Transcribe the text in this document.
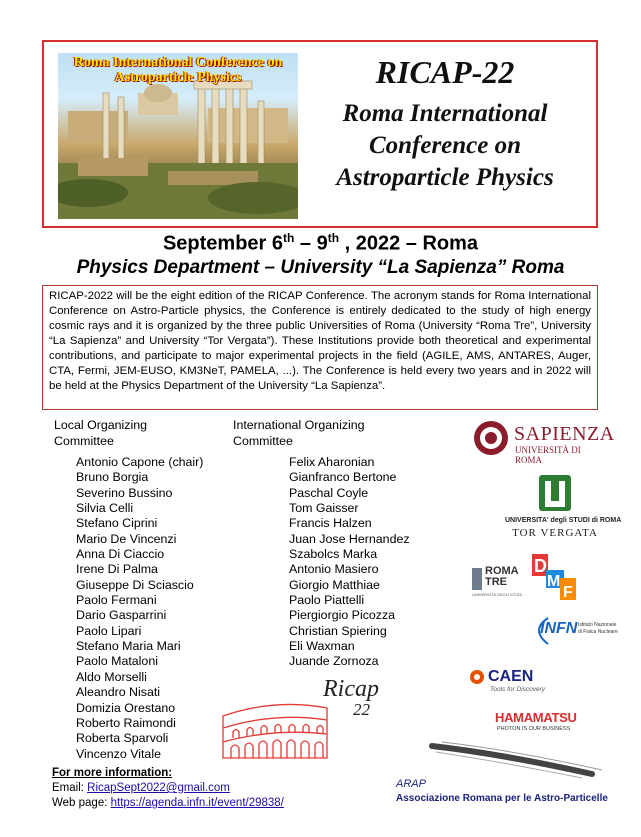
Roma International Conference on Astroparticle Physics	RICAP-22
Roma International
Conference on
Astroparticle Physics
September 6th – 9th , 2022 – Roma
Physics Department – University “La Sapienza” Roma
RICAP-2022 will be the eight edition of the RICAP Conference. The acronym stands for Roma International Conference on Astro-Particle physics, the Conference is entirely dedicated to the study of high energy cosmic rays and it is organized by the three public Universities of Roma (University “Roma Tre”, University “La Sapienza” and University “Tor Vergata”). These Institutions provide both theoretical and experimental contributions, and participate to major experimental projects in the field (AGILE, AMS, ANTARES, Auger, CTA, Fermi, JEM-EUSO, KM3NeT, PAMELA, ...). The Conference is held every two years and in 2022 will be held at the Physics Department of the University “La Sapienza”.
Local Organizing
Committee
Antonio Capone (chair)
Bruno Borgia
Severino Bussino
Silvia Celli
Stefano Ciprini
Mario De Vincenzi
Anna Di Ciaccio
Irene Di Palma
Giuseppe Di Sciascio
Paolo Fermani
Dario Gasparrini
Paolo Lipari
Stefano Maria Mari
Paolo Mataloni
Aldo Morselli
Aleandro Nisati
Domizia Orestano
Roberto Raimondi
Roberta Sparvoli
Vincenzo Vitale
International Organizing
Committee
Felix Aharonian
Gianfranco Bertone
Paschal Coyle
Tom Gaisser
Francis Halzen
Juan Jose Hernandez
Szabolcs Marka
Antonio Masiero
Giorgio Matthiae
Paolo Piattelli
Piergiorgio Picozza
Christian Spiering
Eli Waxman
Juande Zornoza
Ricap
22
SAPIENZA
UNIVERSITÀ DI ROMA
UNIVERSITA' degli STUDI di ROMA
TOR VERGATA
ROMA
TRE
UNIVERSITÀ DEGLI STUDI
D
M
F
INFN Istituto Nazionale
di Fisica Nucleare
CAEN
Tools for Discovery
HAMAMATSU
PHOTON IS OUR BUSINESS
For more information:
Email: RicapSept2022@gmail.com
Web page: https://agenda.infn.it/event/29838/
ARAP
Associazione Romana per le Astro-Particelle
